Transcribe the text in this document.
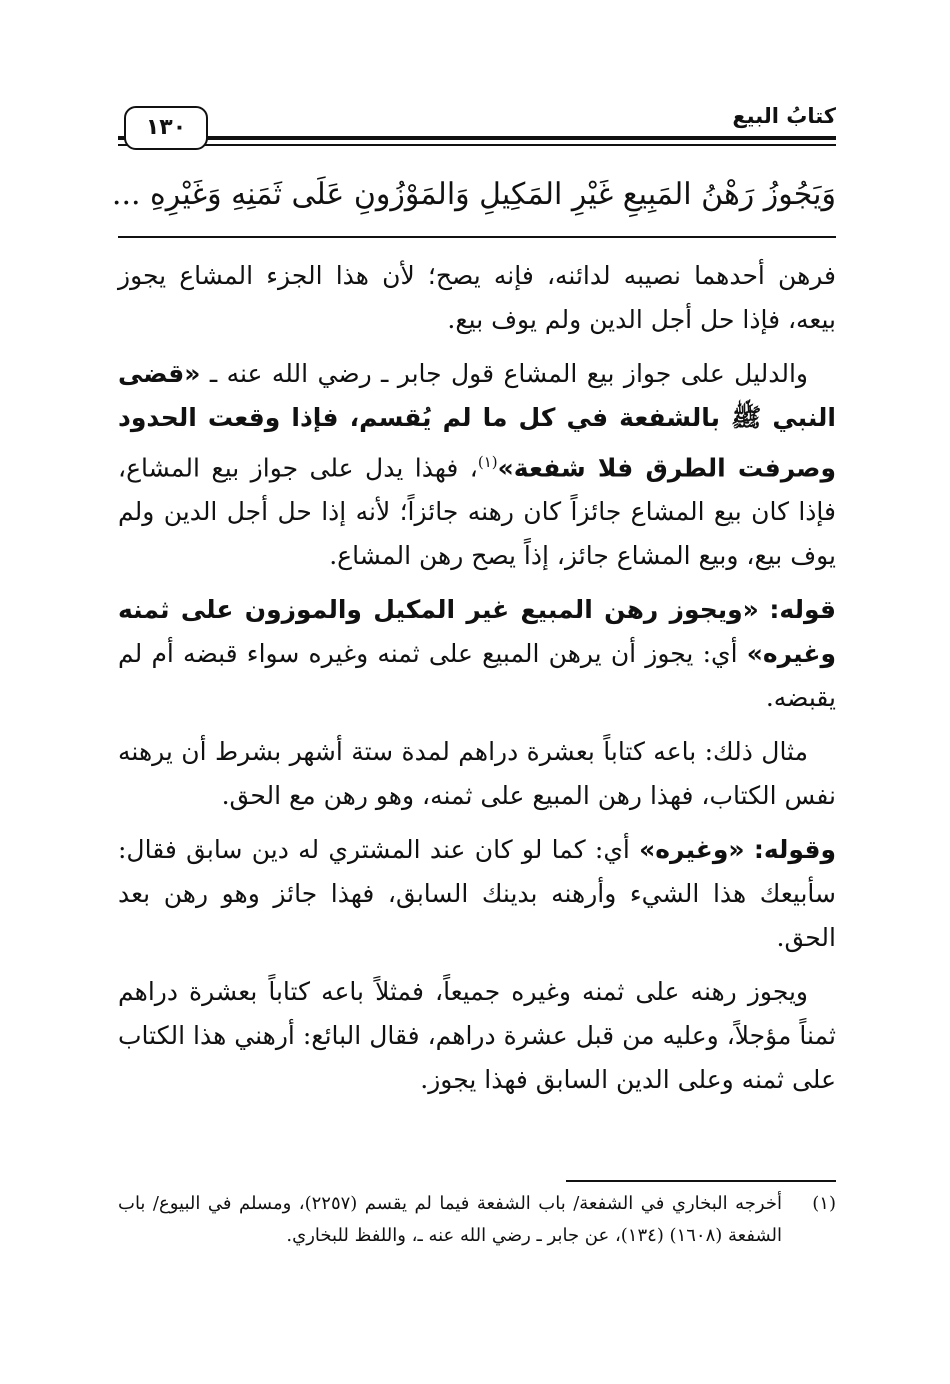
كتابُ البيع
١٣٠
وَيَجُوزُ رَهْنُ المَبِيعِ غَيْرِ المَكِيلِ وَالمَوْزُونِ عَلَى ثَمَنِهِ وَغَيْرِهِ ...

فرهن أحدهما نصيبه لدائنه، فإنه يصح؛ لأن هذا الجزء المشاع يجوز بيعه، فإذا حل أجل الدين ولم يوف بيع.

والدليل على جواز بيع المشاع قول جابر ـ رضي الله عنه ـ «قضى النبي ﷺ بالشفعة في كل ما لم يُقسم، فإذا وقعت الحدود وصرفت الطرق فلا شفعة»$^{(١)}$، فهذا يدل على جواز بيع المشاع، فإذا كان بيع المشاع جائزاً كان رهنه جائزاً؛ لأنه إذا حل أجل الدين ولم يوف بيع، وبيع المشاع جائز، إذاً يصح رهن المشاع.

قوله: «ويجوز رهن المبيع غير المكيل والموزون على ثمنه وغيره» أي: يجوز أن يرهن المبيع على ثمنه وغيره سواء قبضه أم لم يقبضه.

مثال ذلك: باعه كتاباً بعشرة دراهم لمدة ستة أشهر بشرط أن يرهنه نفس الكتاب، فهذا رهن المبيع على ثمنه، وهو رهن مع الحق.

وقوله: «وغيره» أي: كما لو كان عند المشتري له دين سابق فقال: سأبيعك هذا الشيء وأرهنه بدينك السابق، فهذا جائز وهو رهن بعد الحق.

ويجوز رهنه على ثمنه وغيره جميعاً، فمثلاً باعه كتاباً بعشرة دراهم ثمناً مؤجلاً، وعليه من قبل عشرة دراهم، فقال البائع: أرهني هذا الكتاب على ثمنه وعلى الدين السابق فهذا يجوز.

(١)
أخرجه البخاري في الشفعة/ باب الشفعة فيما لم يقسم (٢٢٥٧)، ومسلم في البيوع/ باب الشفعة (١٦٠٨) (١٣٤)، عن جابر ـ رضي الله عنه ـ، واللفظ للبخاري.
